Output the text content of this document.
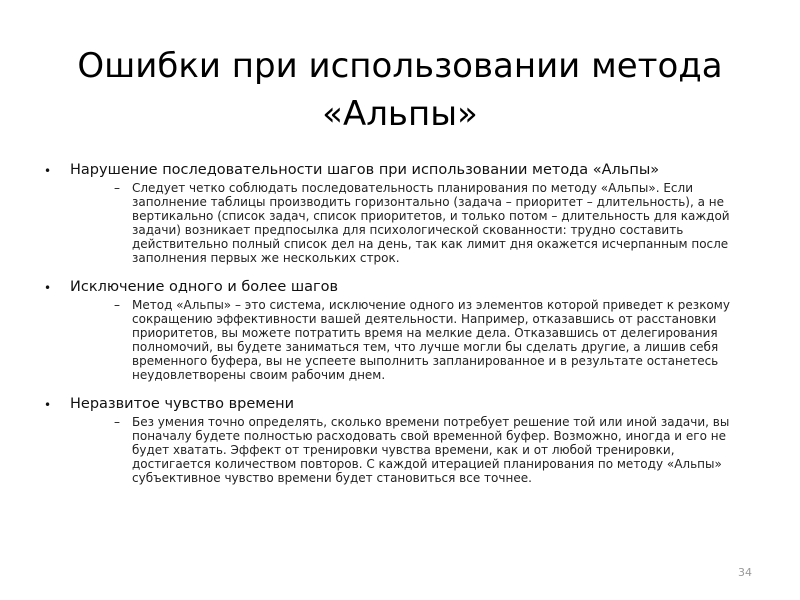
Ошибки при использовании метода «Альпы»
• Нарушение последовательности шагов при использовании метода «Альпы»
– Следует четко соблюдать последовательность планирования по методу «Альпы». Если заполнение таблицы производить горизонтально (задача – приоритет – длительность), а не вертикально (список задач, список приоритетов, и только потом – длительность для каждой задачи) возникает предпосылка для психологической скованности: трудно составить действительно полный список дел на день, так как лимит дня окажется исчерпанным после заполнения первых же нескольких строк.
• Исключение одного и более шагов
– Метод «Альпы» – это система, исключение одного из элементов которой приведет к резкому сокращению эффективности вашей деятельности. Например, отказавшись от расстановки приоритетов, вы можете потратить время на мелкие дела. Отказавшись от делегирования полномочий, вы будете заниматься тем, что лучше могли бы сделать другие, а лишив себя временного буфера, вы не успеете выполнить запланированное и в результате останетесь неудовлетворены своим рабочим днем.
• Неразвитое чувство времени
– Без умения точно определять, сколько времени потребует решение той или иной задачи, вы поначалу будете полностью расходовать свой временной буфер. Возможно, иногда и его не будет хватать. Эффект от тренировки чувства времени, как и от любой тренировки, достигается количеством повторов. С каждой итерацией планирования по методу «Альпы» субъективное чувство времени будет становиться все точнее.
34
